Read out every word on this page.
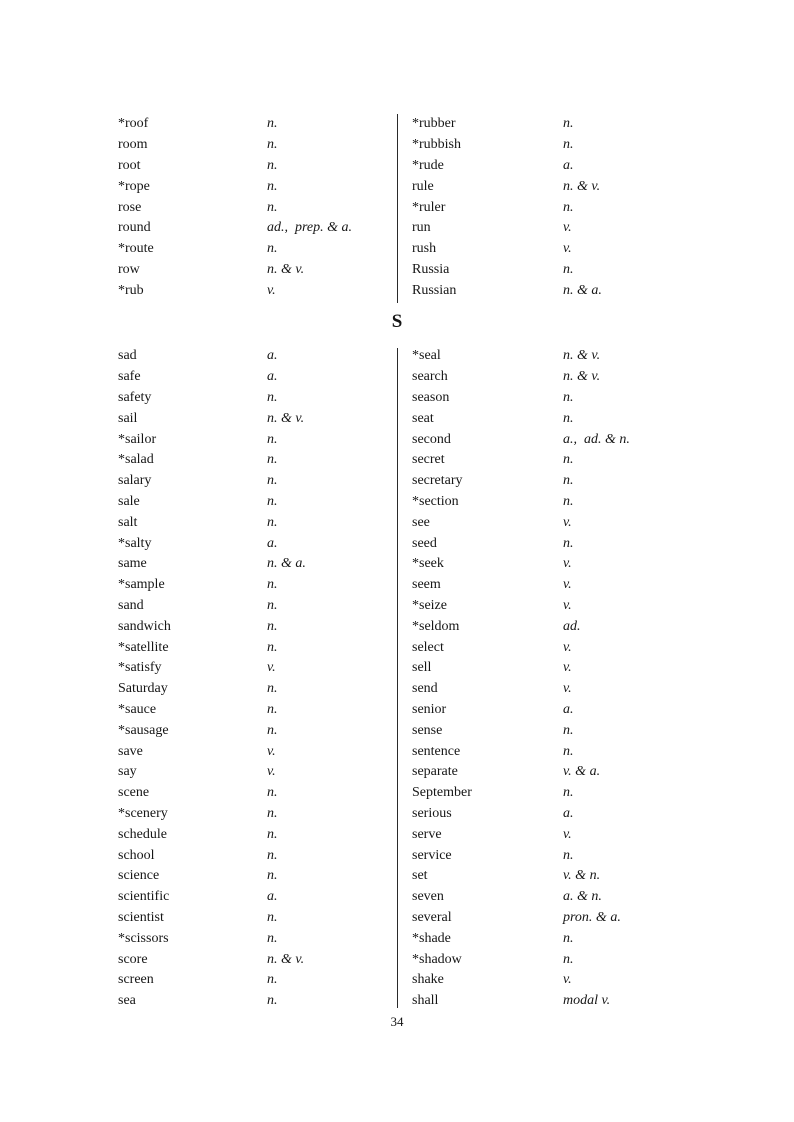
*roof	n.
room	n.
root	n.
*rope	n.
rose	n.
round	ad.,  prep. & a.
*route	n.
row	n. & v.
*rub	v.
*rubber	n.
*rubbish	n.
*rude	a.
rule	n. & v.
*ruler	n.
run	v.
rush	v.
Russia	n.
Russian	n. & a.
S
sad	a.
safe	a.
safety	n.
sail	n. & v.
*sailor	n.
*salad	n.
salary	n.
sale	n.
salt	n.
*salty	a.
same	n. & a.
*sample	n.
sand	n.
sandwich	n.
*satellite	n.
*satisfy	v.
Saturday	n.
*sauce	n.
*sausage	n.
save	v.
say	v.
scene	n.
*scenery	n.
schedule	n.
school	n.
science	n.
scientific	a.
scientist	n.
*scissors	n.
score	n. & v.
screen	n.
sea	n.
*seal	n. & v.
search	n. & v.
season	n.
seat	n.
second	a.,  ad. & n.
secret	n.
secretary	n.
*section	n.
see	v.
seed	n.
*seek	v.
seem	v.
*seize	v.
*seldom	ad.
select	v.
sell	v.
send	v.
senior	a.
sense	n.
sentence	n.
separate	v. & a.
September	n.
serious	a.
serve	v.
service	n.
set	v. & n.
seven	a. & n.
several	pron. & a.
*shade	n.
*shadow	n.
shake	v.
shall	modal v.
34
